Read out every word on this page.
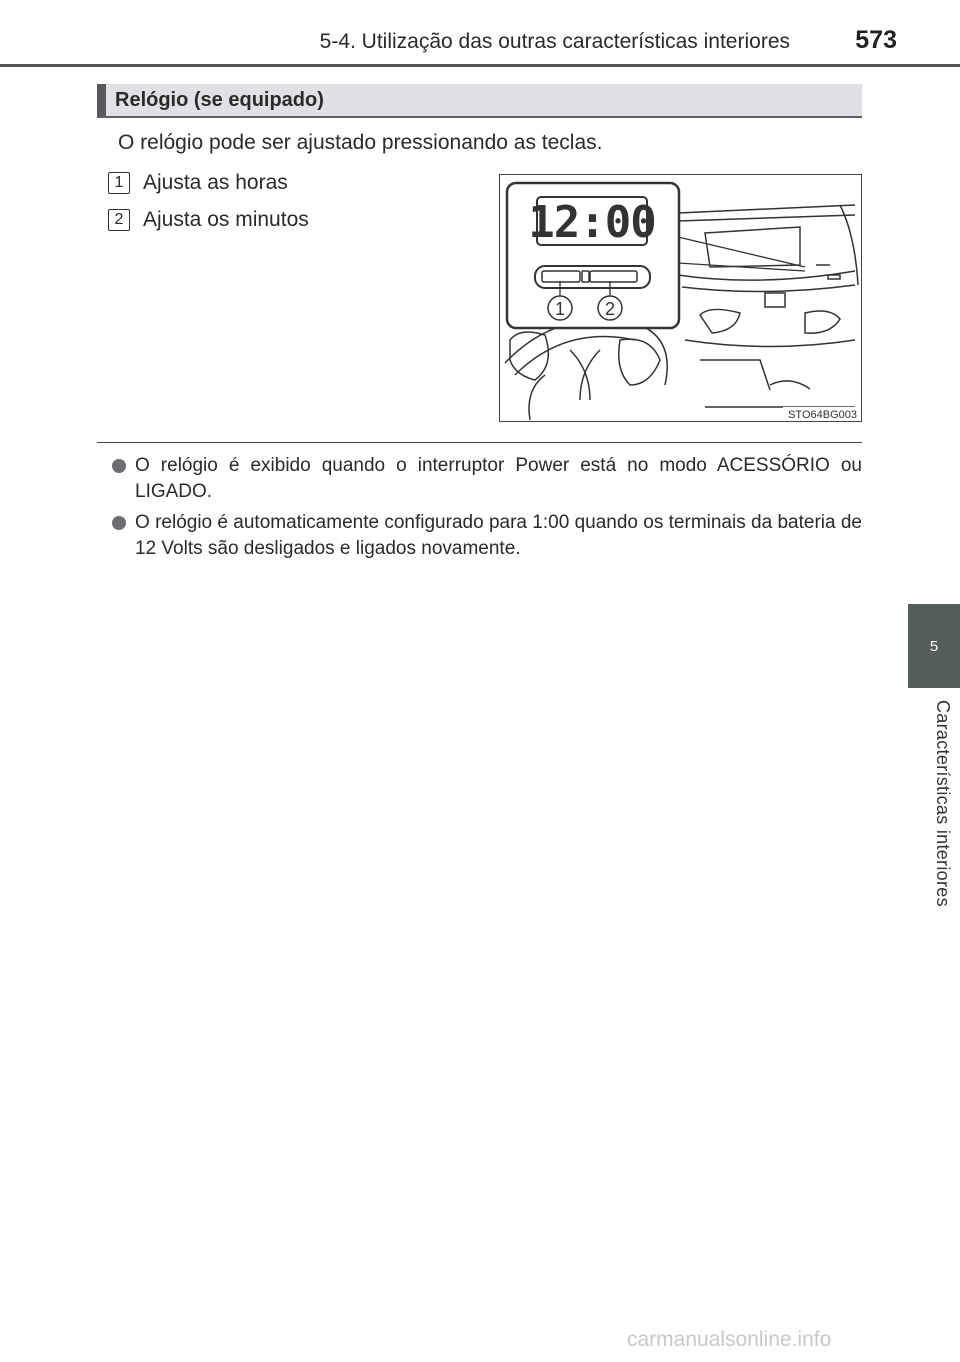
5-4. Utilização das outras características interiores	573
5
Características interiores
Relógio (se equipado)
O relógio pode ser ajustado pressionando as teclas.
1 Ajusta as horas
2 Ajusta os minutos	12:00
1 2
STO64BG003
O relógio é exibido quando o interruptor Power está no modo ACESSÓRIO ou LIGADO.
O relógio é automaticamente configurado para 1:00 quando os terminais da bateria de 12 Volts são desligados e ligados novamente.
carmanualsonline.info
